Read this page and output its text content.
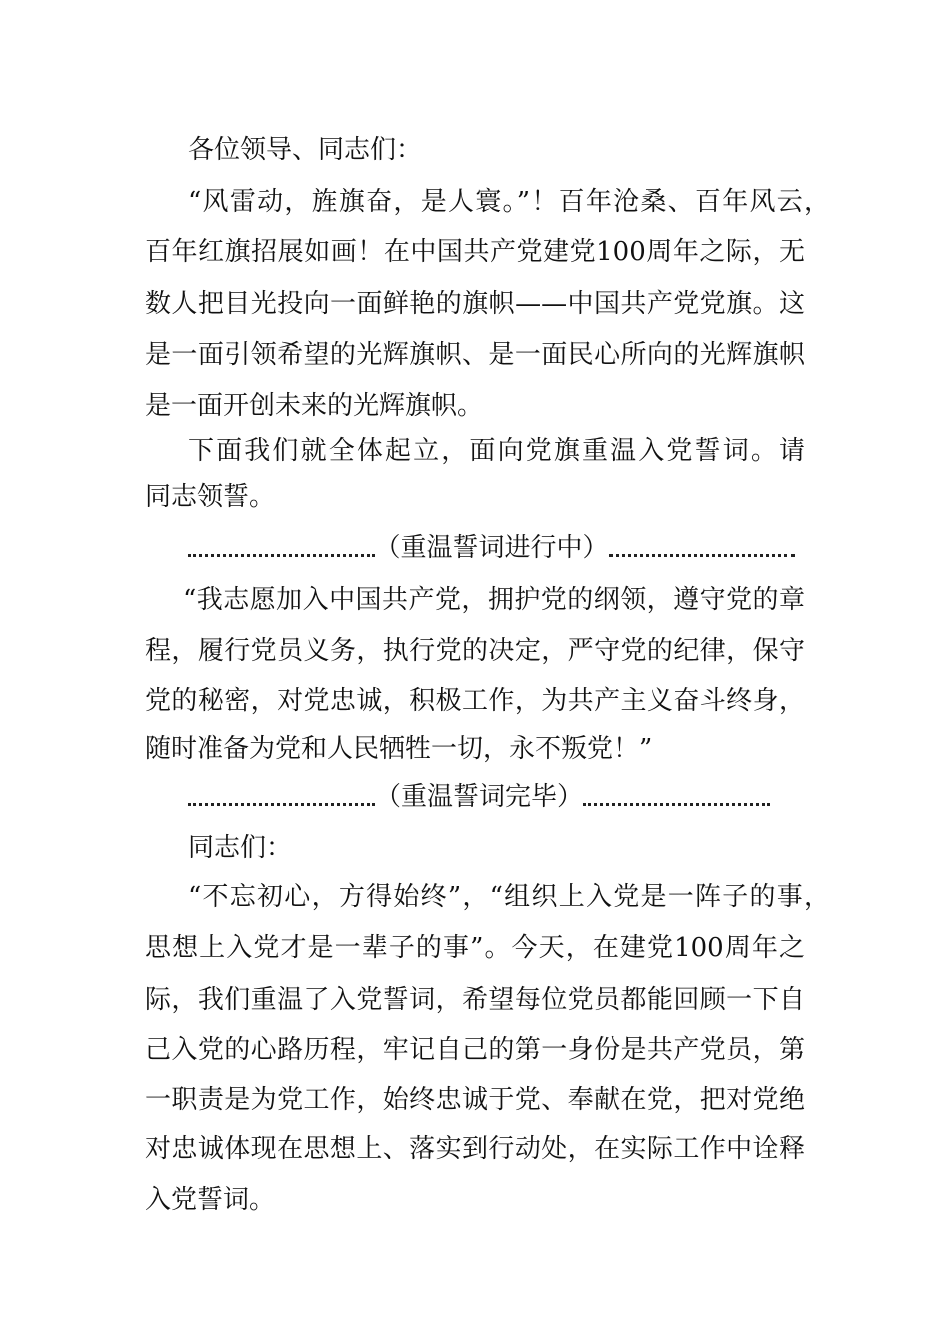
各位领导、同志们：
“风雷动，旌旗奋，是人寰。”！百年沧桑、百年风云，
百年红旗招展如画！在中国共产党建党100周年之际，无
数人把目光投向一面鲜艳的旗帜——中国共产党党旗。这
是一面引领希望的光辉旗帜、是一面民心所向的光辉旗帜
是一面开创未来的光辉旗帜。
下面我们就全体起立，面向党旗重温入党誓词。请
同志领誓。
（重温誓词进行中）
“我志愿加入中国共产党，拥护党的纲领，遵守党的章
程，履行党员义务，执行党的决定，严守党的纪律，保守
党的秘密，对党忠诚，积极工作，为共产主义奋斗终身，
随时准备为党和人民牺牲一切，永不叛党！”
（重温誓词完毕）
同志们：
“不忘初心，方得始终”，“组织上入党是一阵子的事，
思想上入党才是一辈子的事”。今天，在建党100周年之
际，我们重温了入党誓词，希望每位党员都能回顾一下自
己入党的心路历程，牢记自己的第一身份是共产党员，第
一职责是为党工作，始终忠诚于党、奉献在党，把对党绝
对忠诚体现在思想上、落实到行动处，在实际工作中诠释
入党誓词。
